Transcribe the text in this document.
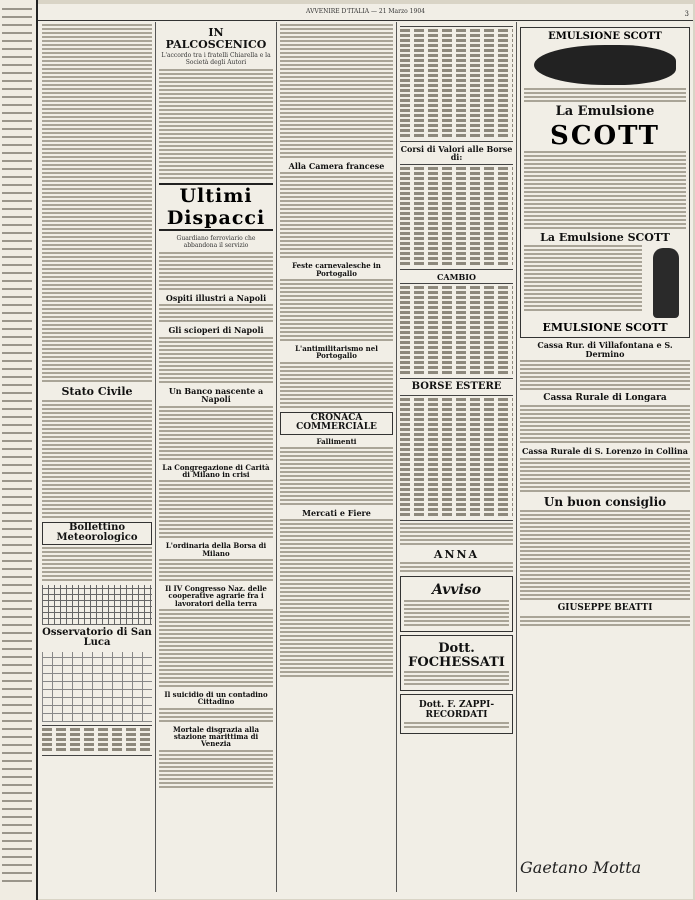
AVVENIRE D'ITALIA — 21 Marzo 1904	3
Stato Civile
Bollettino Meteorologico
Osservatorio di San Luca
IN PALCOSCENICO
L'accordo tra i fratelli Chiarella e la Società degli Autori
Ultimi Dispacci
Guardiano ferroviario che abbandona il servizio
Ospiti illustri a Napoli
Gli scioperi di Napoli
Un Banco nascente a Napoli
La Congregazione di Carità di Milano in crisi
L'ordinaria della Borsa di Milano
Il IV Congresso Naz. delle cooperative agrarie fra i lavoratori della terra
Il suicidio di un contadino Cittadino
Mortale disgrazia alla stazione marittima di Venezia
Alla Camera francese
Feste carnevalesche in Portogallo
L'antimilitarismo nel Portogallo
CRONACA COMMERCIALE
Fallimenti
Mercati e Fiere
Corsi di Valori alle Borse di:
CAMBIO
BORSE ESTERE
ANNA
Avviso
Dott. FOCHESSATI
Dott. F. ZAPPI-RECORDATI
EMULSIONE SCOTT
La Emulsione
SCOTT
La Emulsione SCOTT
EMULSIONE SCOTT
Cassa Rur. di Villafontana e S. Dermino
Cassa Rurale di Longara
Cassa Rurale di S. Lorenzo in Collina
Un buon consiglio
GIUSEPPE BEATTI
Gaetano Motta
